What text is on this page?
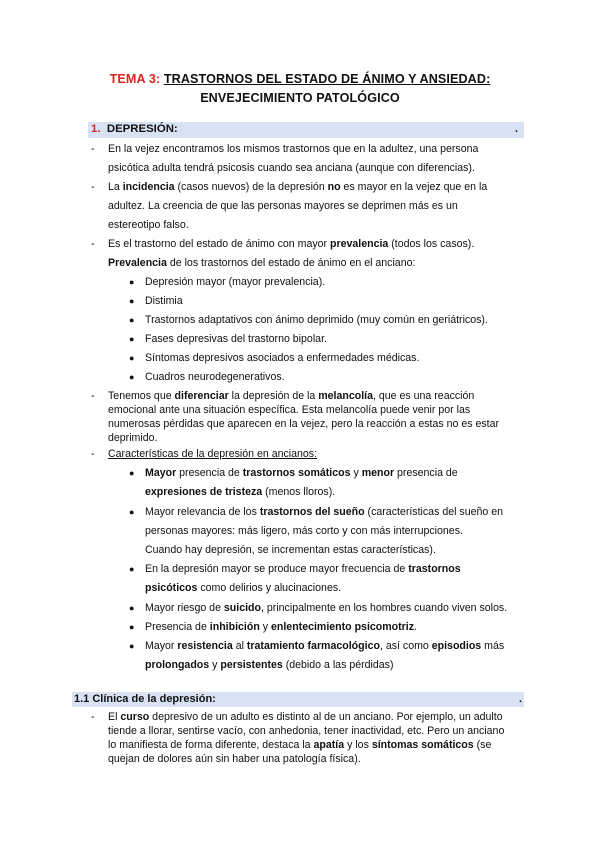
TEMA 3: TRASTORNOS DEL ESTADO DE ÁNIMO Y ANSIEDAD:
ENVEJECIMIENTO PATOLÓGICO
1. DEPRESIÓN:	.
- En la vejez encontramos los mismos trastornos que en la adultez, una persona
psicótica adulta tendrá psicosis cuando sea anciana (aunque con diferencias).
- La incidencia (casos nuevos) de la depresión no es mayor en la vejez que en la
adultez. La creencia de que las personas mayores se deprimen más es un
estereotipo falso.
- Es el trastorno del estado de ánimo con mayor prevalencia (todos los casos).
Prevalencia de los trastornos del estado de ánimo en el anciano:
● Depresión mayor (mayor prevalencia).
● Distimia
● Trastornos adaptativos con ánimo deprimido (muy común en geriátricos).
● Fases depresivas del trastorno bipolar.
● Síntomas depresivos asociados a enfermedades médicas.
● Cuadros neurodegenerativos.
- Tenemos que diferenciar la depresión de la melancolía, que es una reacción
emocional ante una situación específica. Esta melancolía puede venir por las
numerosas pérdidas que aparecen en la vejez, pero la reacción a estas no es estar
deprimido.
- Características de la depresión en ancianos:
● Mayor presencia de trastornos somáticos y menor presencia de
expresiones de tristeza (menos lloros).
● Mayor relevancia de los trastornos del sueño (características del sueño en
personas mayores: más ligero, más corto y con más interrupciones.
Cuando hay depresión, se incrementan estas características).
● En la depresión mayor se produce mayor frecuencia de trastornos
psicóticos como delirios y alucinaciones.
● Mayor riesgo de suicido, principalmente en los hombres cuando viven solos.
● Presencia de inhibición y enlentecimiento psicomotriz.
● Mayor resistencia al tratamiento farmacológico, así como episodios más
prolongados y persistentes (debido a las pérdidas)
1.1 Clínica de la depresión:	.
- El curso depresivo de un adulto es distinto al de un anciano. Por ejemplo, un adulto
tiende a llorar, sentirse vacío, con anhedonia, tener inactividad, etc. Pero un anciano
lo manifiesta de forma diferente, destaca la apatía y los síntomas somáticos (se
quejan de dolores aún sin haber una patología física).
